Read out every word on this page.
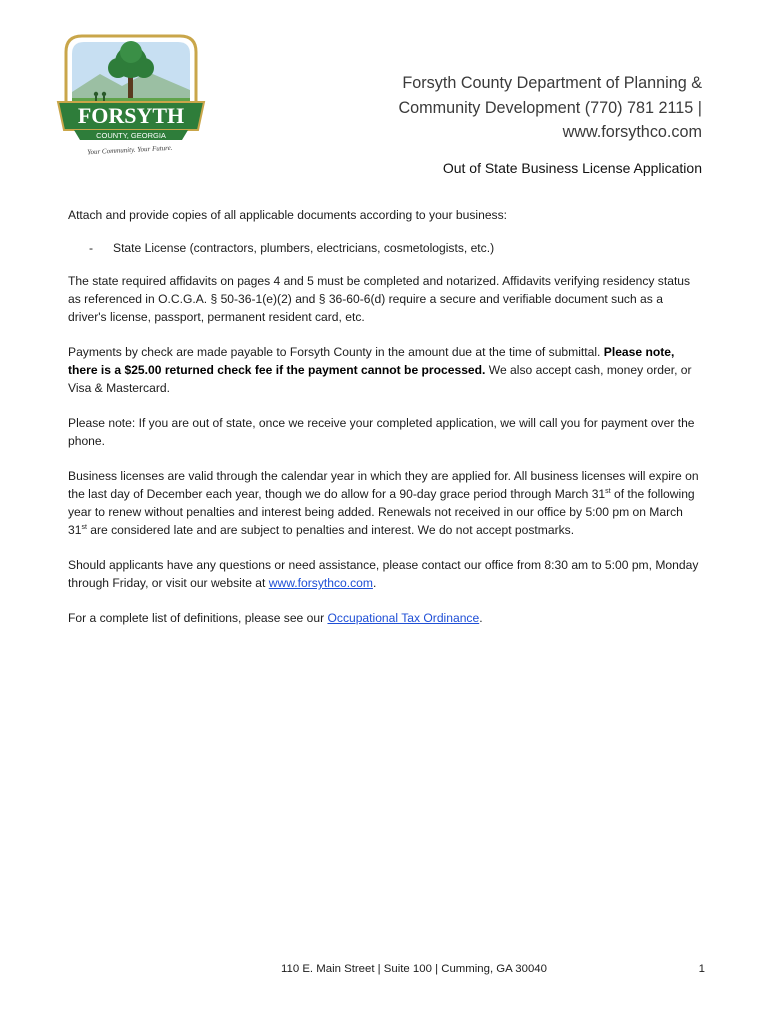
FORSYTH
COUNTY, GEORGIA
Your Community. Your Future.
Forsyth County Department of Planning & Community Development (770) 781 2115 | www.forsythco.com
Out of State Business License Application

Attach and provide copies of all applicable documents according to your business:

-	State License (contractors, plumbers, electricians, cosmetologists, etc.)

The state required affidavits on pages 4 and 5 must be completed and notarized. Affidavits verifying residency status as referenced in O.C.G.A. § 50-36-1(e)(2) and § 36-60-6(d) require a secure and verifiable document such as a driver's license, passport, permanent resident card, etc.

Payments by check are made payable to Forsyth County in the amount due at the time of submittal. Please note, there is a $25.00 returned check fee if the payment cannot be processed. We also accept cash, money order, or Visa & Mastercard.

Please note: If you are out of state, once we receive your completed application, we will call you for payment over the phone.

Business licenses are valid through the calendar year in which they are applied for. All business licenses will expire on the last day of December each year, though we do allow for a 90-day grace period through March 31st of the following year to renew without penalties and interest being added. Renewals not received in our office by 5:00 pm on March 31st are considered late and are subject to penalties and interest. We do not accept postmarks.

Should applicants have any questions or need assistance, please contact our office from 8:30 am to 5:00 pm, Monday through Friday, or visit our website at www.forsythco.com.

For a complete list of definitions, please see our Occupational Tax Ordinance.

110 E. Main Street | Suite 100 | Cumming, GA 30040	1
